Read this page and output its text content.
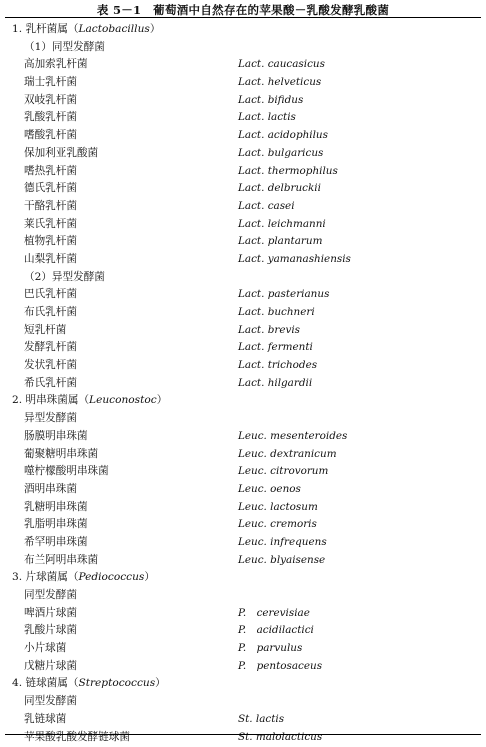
表 5－1　葡萄酒中自然存在的苹果酸－乳酸发酵乳酸菌
1. 乳杆菌属（Lactobacillus）
（1）同型发酵菌
高加索乳杆菌	Lact. caucasicus
瑞士乳杆菌	Lact. helveticus
双岐乳杆菌	Lact. bifidus
乳酸乳杆菌	Lact. lactis
嗜酸乳杆菌	Lact. acidophilus
保加利亚乳酸菌	Lact. bulgaricus
嗜热乳杆菌	Lact. thermophilus
德氏乳杆菌	Lact. delbruckii
干酪乳杆菌	Lact. casei
莱氏乳杆菌	Lact. leichmanni
植物乳杆菌	Lact. plantarum
山梨乳杆菌	Lact. yamanashiensis
（2）异型发酵菌
巴氏乳杆菌	Lact. pasterianus
布氏乳杆菌	Lact. buchneri
短乳杆菌	Lact. brevis
发酵乳杆菌	Lact. fermenti
发状乳杆菌	Lact. trichodes
希氏乳杆菌	Lact. hilgardii
2. 明串珠菌属（Leuconostoc）
异型发酵菌
肠膜明串珠菌	Leuc. mesenteroides
葡聚糖明串珠菌	Leuc. dextranicum
噬柠檬酸明串珠菌	Leuc. citrovorum
酒明串珠菌	Leuc. oenos
乳糖明串珠菌	Leuc. lactosum
乳脂明串珠菌	Leuc. cremoris
希罕明串珠菌	Leuc. infrequens
布兰阿明串珠菌	Leuc. blyaisense
3. 片球菌属（Pediococcus）
同型发酵菌
啤酒片球菌	P.　cerevisiae
乳酸片球菌	P.　acidilactici
小片球菌	P.　parvulus
戊糖片球菌	P.　pentosaceus
4. 链球菌属（Streptococcus）
同型发酵菌
乳链球菌	St. lactis
苹果酸乳酸发酵链球菌	St. malolacticus
